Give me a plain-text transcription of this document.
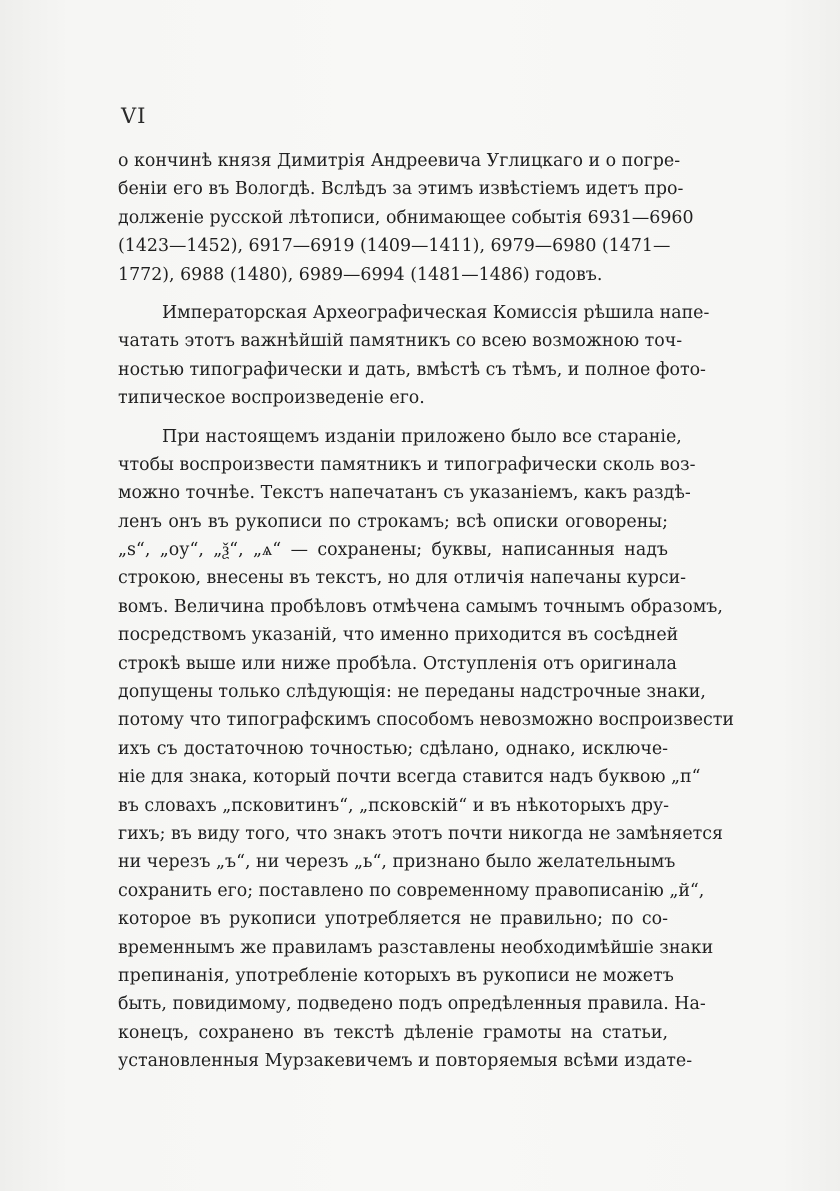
VI

о кончинѣ князя Димитрія Андреевича Углицкаго и о погре-
беніи его въ Вологдѣ. Вслѣдъ за этимъ извѣстіемъ идетъ про-
долженіе русской лѣтописи, обнимающее событія 6931—6960
(1423—1452), 6917—6919 (1409—1411), 6979—6980 (1471—
1772), 6988 (1480), 6989—6994 (1481—1486) годовъ.

Императорская Археографическая Комиссія рѣшила напе-
чатать этотъ важнѣйшій памятникъ со всею возможною точ-
ностью типографически и дать, вмѣстѣ съ тѣмъ, и полное фото-
типическое воспроизведеніе его.

При настоящемъ изданіи приложено было все стараніе,
чтобы воспроизвести памятникъ и типографически сколь воз-
можно точнѣе. Текстъ напечатанъ съ указаніемъ, какъ раздѣ-
ленъ онъ въ рукописи по строкамъ; всѣ описки оговорены;
„ѕ“, „оу“, „ѯ“, „ѧ“ — сохранены; буквы, написанныя надъ
строкою, внесены въ текстъ, но для отличія напечаны курси-
вомъ. Величина пробѣловъ отмѣчена самымъ точнымъ образомъ,
посредствомъ указаній, что именно приходится въ сосѣдней
строкѣ выше или ниже пробѣла. Отступленія отъ оригинала
допущены только слѣдующія: не переданы надстрочные знаки,
потому что типографскимъ способомъ невозможно воспроизвести
ихъ съ достаточною точностью; сдѣлано, однако, исключе-
ніе для знака, который почти всегда ставится надъ буквою „п“
въ словахъ „псковитинъ“, „псковскій“ и въ нѣкоторыхъ дру-
гихъ; въ виду того, что знакъ этотъ почти никогда не замѣняется
ни черезъ „ъ“, ни черезъ „ь“, признано было желательнымъ
сохранить его; поставлено по современному правописанію „й“,
которое въ рукописи употребляется не правильно; по со-
временнымъ же правиламъ разставлены необходимѣйшіе знаки
препинанія, употребленіе которыхъ въ рукописи не можетъ
быть, повидимому, подведено подъ опредѣленныя правила. На-
конецъ, сохранено въ текстѣ дѣленіе грамоты на статьи,
установленныя Мурзакевичемъ и повторяемыя всѣми издате-
